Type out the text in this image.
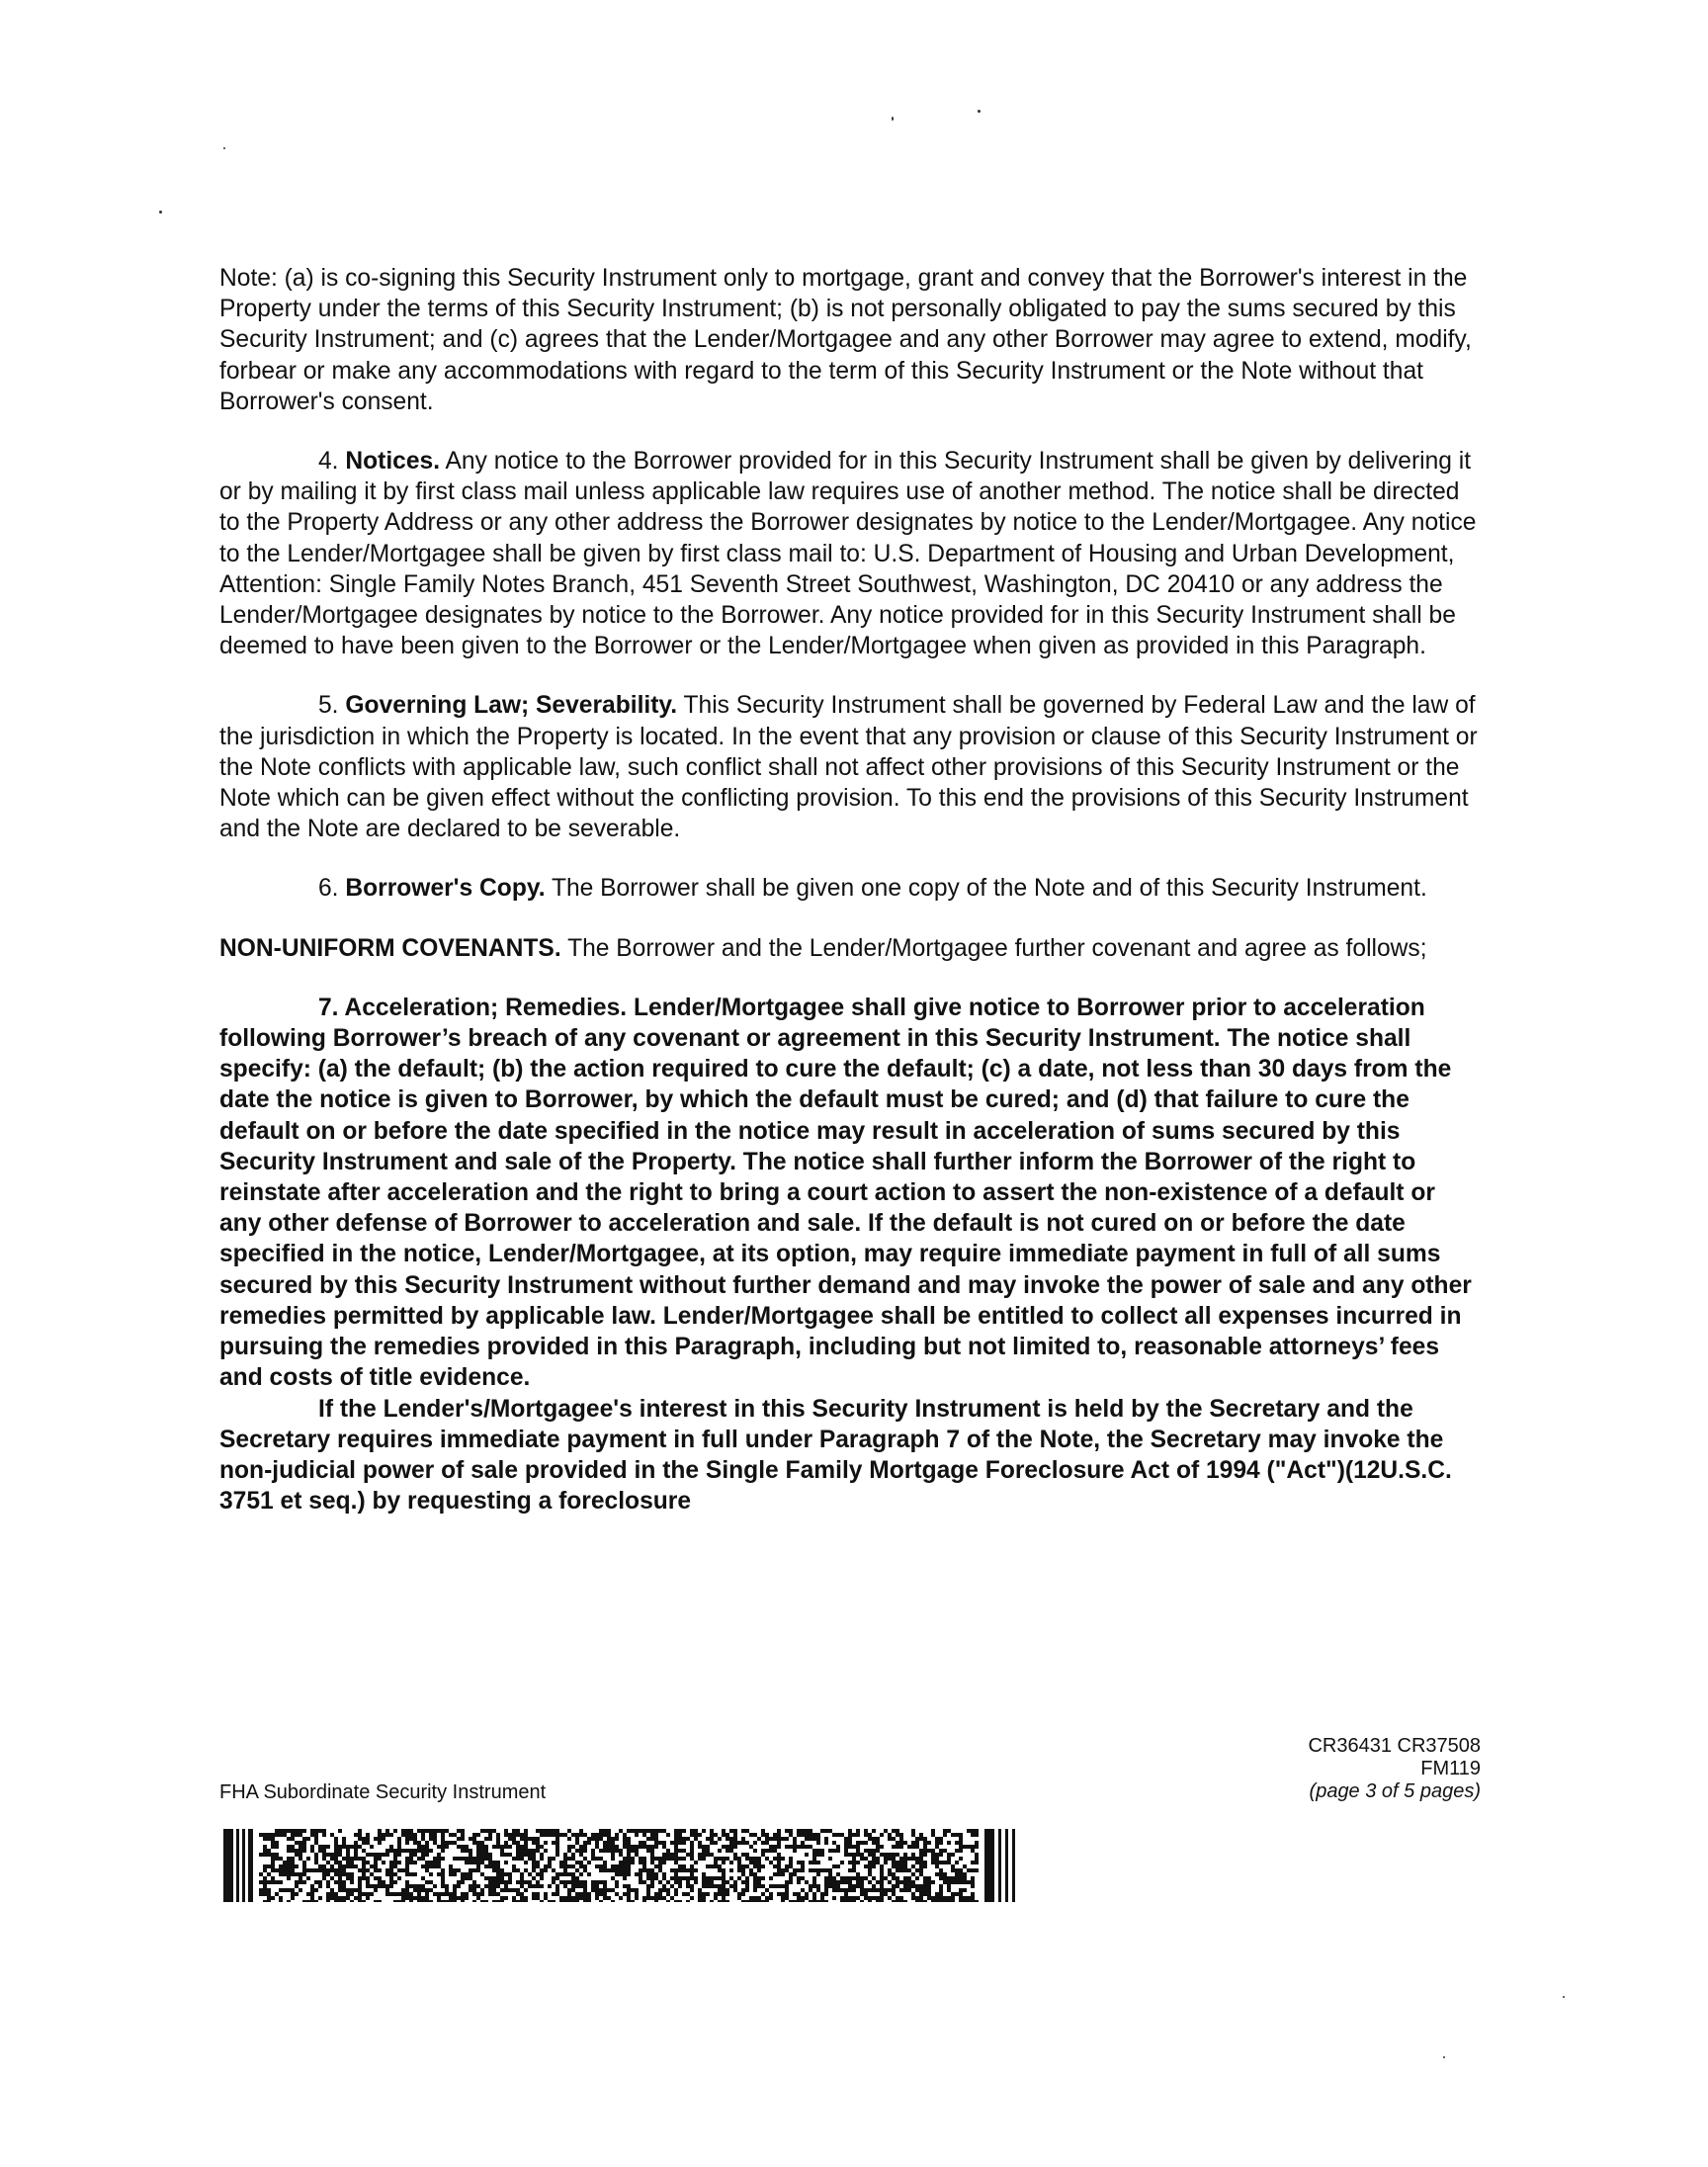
Note: (a) is co-signing this Security Instrument only to mortgage, grant and convey that the Borrower's interest in the Property under the terms of this Security Instrument; (b) is not personally obligated to pay the sums secured by this Security Instrument; and (c) agrees that the Lender/Mortgagee and any other Borrower may agree to extend, modify, forbear or make any accommodations with regard to the term of this Security Instrument or the Note without that Borrower's consent.

4. Notices. Any notice to the Borrower provided for in this Security Instrument shall be given by delivering it or by mailing it by first class mail unless applicable law requires use of another method. The notice shall be directed to the Property Address or any other address the Borrower designates by notice to the Lender/Mortgagee. Any notice to the Lender/Mortgagee shall be given by first class mail to: U.S. Department of Housing and Urban Development, Attention: Single Family Notes Branch, 451 Seventh Street Southwest, Washington, DC 20410 or any address the Lender/Mortgagee designates by notice to the Borrower. Any notice provided for in this Security Instrument shall be deemed to have been given to the Borrower or the Lender/Mortgagee when given as provided in this Paragraph.

5. Governing Law; Severability. This Security Instrument shall be governed by Federal Law and the law of the jurisdiction in which the Property is located. In the event that any provision or clause of this Security Instrument or the Note conflicts with applicable law, such conflict shall not affect other provisions of this Security Instrument or the Note which can be given effect without the conflicting provision. To this end the provisions of this Security Instrument and the Note are declared to be severable.

6. Borrower's Copy. The Borrower shall be given one copy of the Note and of this Security Instrument.

NON-UNIFORM COVENANTS. The Borrower and the Lender/Mortgagee further covenant and agree as follows;

7. Acceleration; Remedies. Lender/Mortgagee shall give notice to Borrower prior to acceleration following Borrower’s breach of any covenant or agreement in this Security Instrument. The notice shall specify: (a) the default; (b) the action required to cure the default; (c) a date, not less than 30 days from the date the notice is given to Borrower, by which the default must be cured; and (d) that failure to cure the default on or before the date specified in the notice may result in acceleration of sums secured by this Security Instrument and sale of the Property. The notice shall further inform the Borrower of the right to reinstate after acceleration and the right to bring a court action to assert the non-existence of a default or any other defense of Borrower to acceleration and sale. If the default is not cured on or before the date specified in the notice, Lender/Mortgagee, at its option, may require immediate payment in full of all sums secured by this Security Instrument without further demand and may invoke the power of sale and any other remedies permitted by applicable law. Lender/Mortgagee shall be entitled to collect all expenses incurred in pursuing the remedies provided in this Paragraph, including but not limited to, reasonable attorneys’ fees and costs of title evidence.

If the Lender's/Mortgagee's interest in this Security Instrument is held by the Secretary and the Secretary requires immediate payment in full under Paragraph 7 of the Note, the Secretary may invoke the non-judicial power of sale provided in the Single Family Mortgage Foreclosure Act of 1994 ("Act")(12U.S.C. 3751 et seq.) by requesting a foreclosure

CR36431 CR37508
FM119
(page 3 of 5 pages)
FHA Subordinate Security Instrument
